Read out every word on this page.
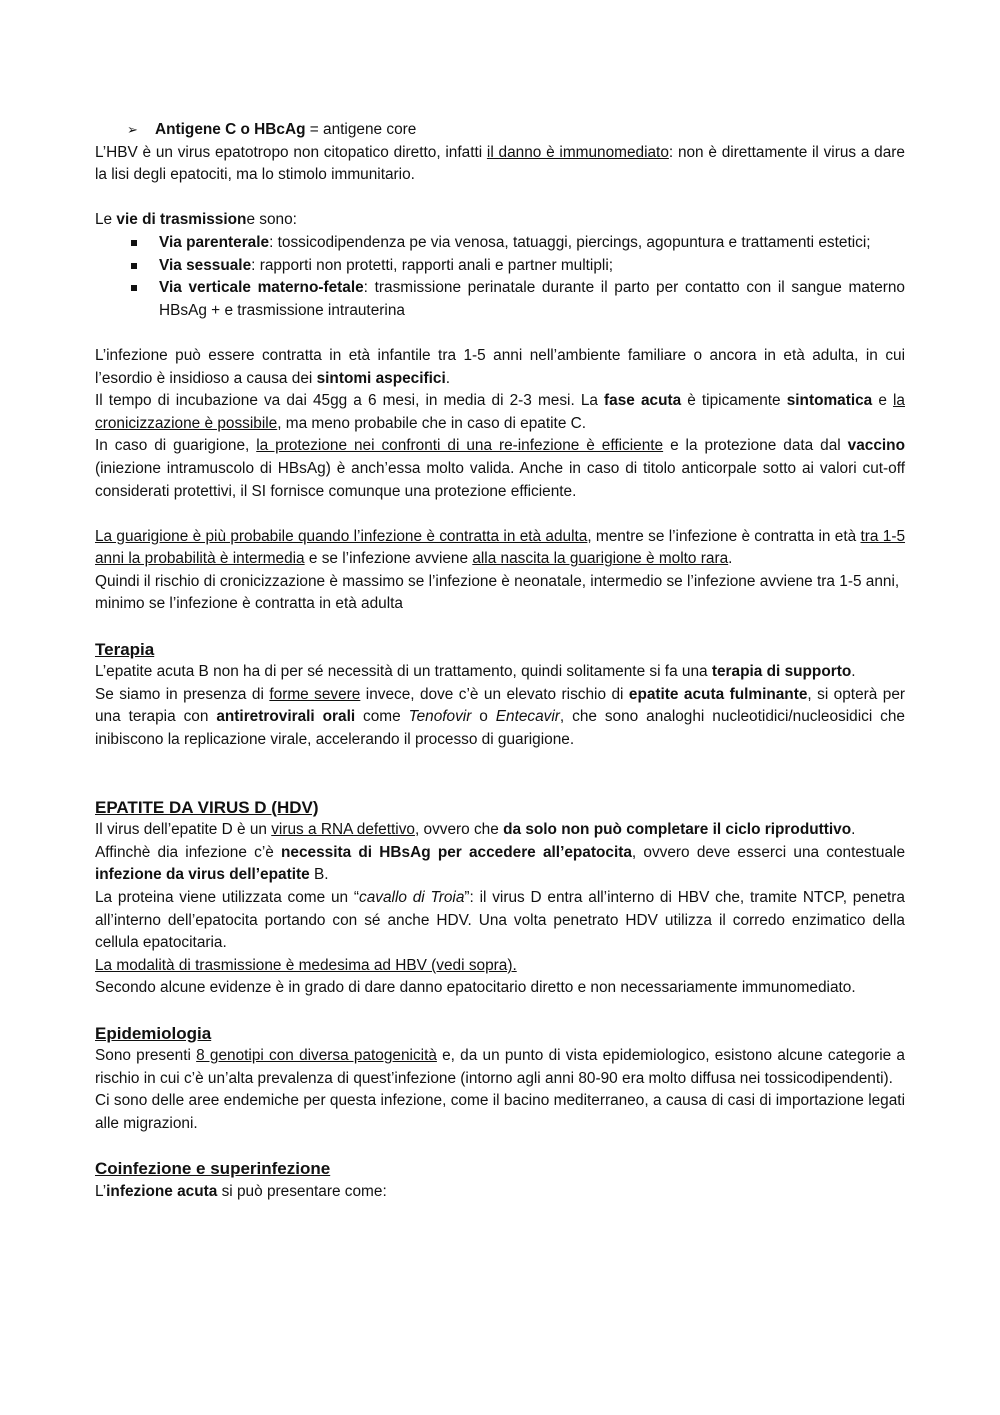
➢ Antigene C o HBcAg = antigene core

L’HBV è un virus epatotropo non citopatico diretto, infatti il danno è immunomediato: non è direttamente il virus a dare la lisi degli epatociti, ma lo stimolo immunitario.

Le vie di trasmissione sono:

Via parenterale: tossicodipendenza pe via venosa, tatuaggi, piercings, agopuntura e trattamenti estetici;
Via sessuale: rapporti non protetti, rapporti anali e partner multipli;
Via verticale materno-fetale: trasmissione perinatale durante il parto per contatto con il sangue materno HBsAg + e trasmissione intrauterina

L’infezione può essere contratta in età infantile tra 1-5 anni nell’ambiente familiare o ancora in età adulta, in cui l’esordio è insidioso a causa dei sintomi aspecifici.

Il tempo di incubazione va dai 45gg a 6 mesi, in media di 2-3 mesi. La fase acuta è tipicamente sintomatica e la cronicizzazione è possibile, ma meno probabile che in caso di epatite C.

In caso di guarigione, la protezione nei confronti di una re-infezione è efficiente e la protezione data dal vaccino (iniezione intramuscolo di HBsAg) è anch’essa molto valida. Anche in caso di titolo anticorpale sotto ai valori cut-off considerati protettivi, il SI fornisce comunque una protezione efficiente.

La guarigione è più probabile quando l’infezione è contratta in età adulta, mentre se l’infezione è contratta in età tra 1-5 anni la probabilità è intermedia e se l’infezione avviene alla nascita la guarigione è molto rara.

Quindi il rischio di cronicizzazione è massimo se l’infezione è neonatale, intermedio se l’infezione avviene tra 1-5 anni, minimo se l’infezione è contratta in età adulta

Terapia

L’epatite acuta B non ha di per sé necessità di un trattamento, quindi solitamente si fa una terapia di supporto.

Se siamo in presenza di forme severe invece, dove c’è un elevato rischio di epatite acuta fulminante, si opterà per una terapia con antiretrovirali orali come Tenofovir o Entecavir, che sono analoghi nucleotidici/nucleosidici che inibiscono la replicazione virale, accelerando il processo di guarigione.

EPATITE DA VIRUS D (HDV)

Il virus dell’epatite D è un virus a RNA defettivo, ovvero che da solo non può completare il ciclo riproduttivo.

Affinchè dia infezione c’è necessita di HBsAg per accedere all’epatocita, ovvero deve esserci una contestuale infezione da virus dell’epatite B.

La proteina viene utilizzata come un “cavallo di Troia”: il virus D entra all’interno di HBV che, tramite NTCP, penetra all’interno dell’epatocita portando con sé anche HDV. Una volta penetrato HDV utilizza il corredo enzimatico della cellula epatocitaria.

La modalità di trasmissione è medesima ad HBV (vedi sopra).

Secondo alcune evidenze è in grado di dare danno epatocitario diretto e non necessariamente immunomediato.

Epidemiologia

Sono presenti 8 genotipi con diversa patogenicità e, da un punto di vista epidemiologico, esistono alcune categorie a rischio in cui c’è un’alta prevalenza di quest’infezione (intorno agli anni 80-90 era molto diffusa nei tossicodipendenti).

Ci sono delle aree endemiche per questa infezione, come il bacino mediterraneo, a causa di casi di importazione legati alle migrazioni.

Coinfezione e superinfezione

L’infezione acuta si può presentare come:
